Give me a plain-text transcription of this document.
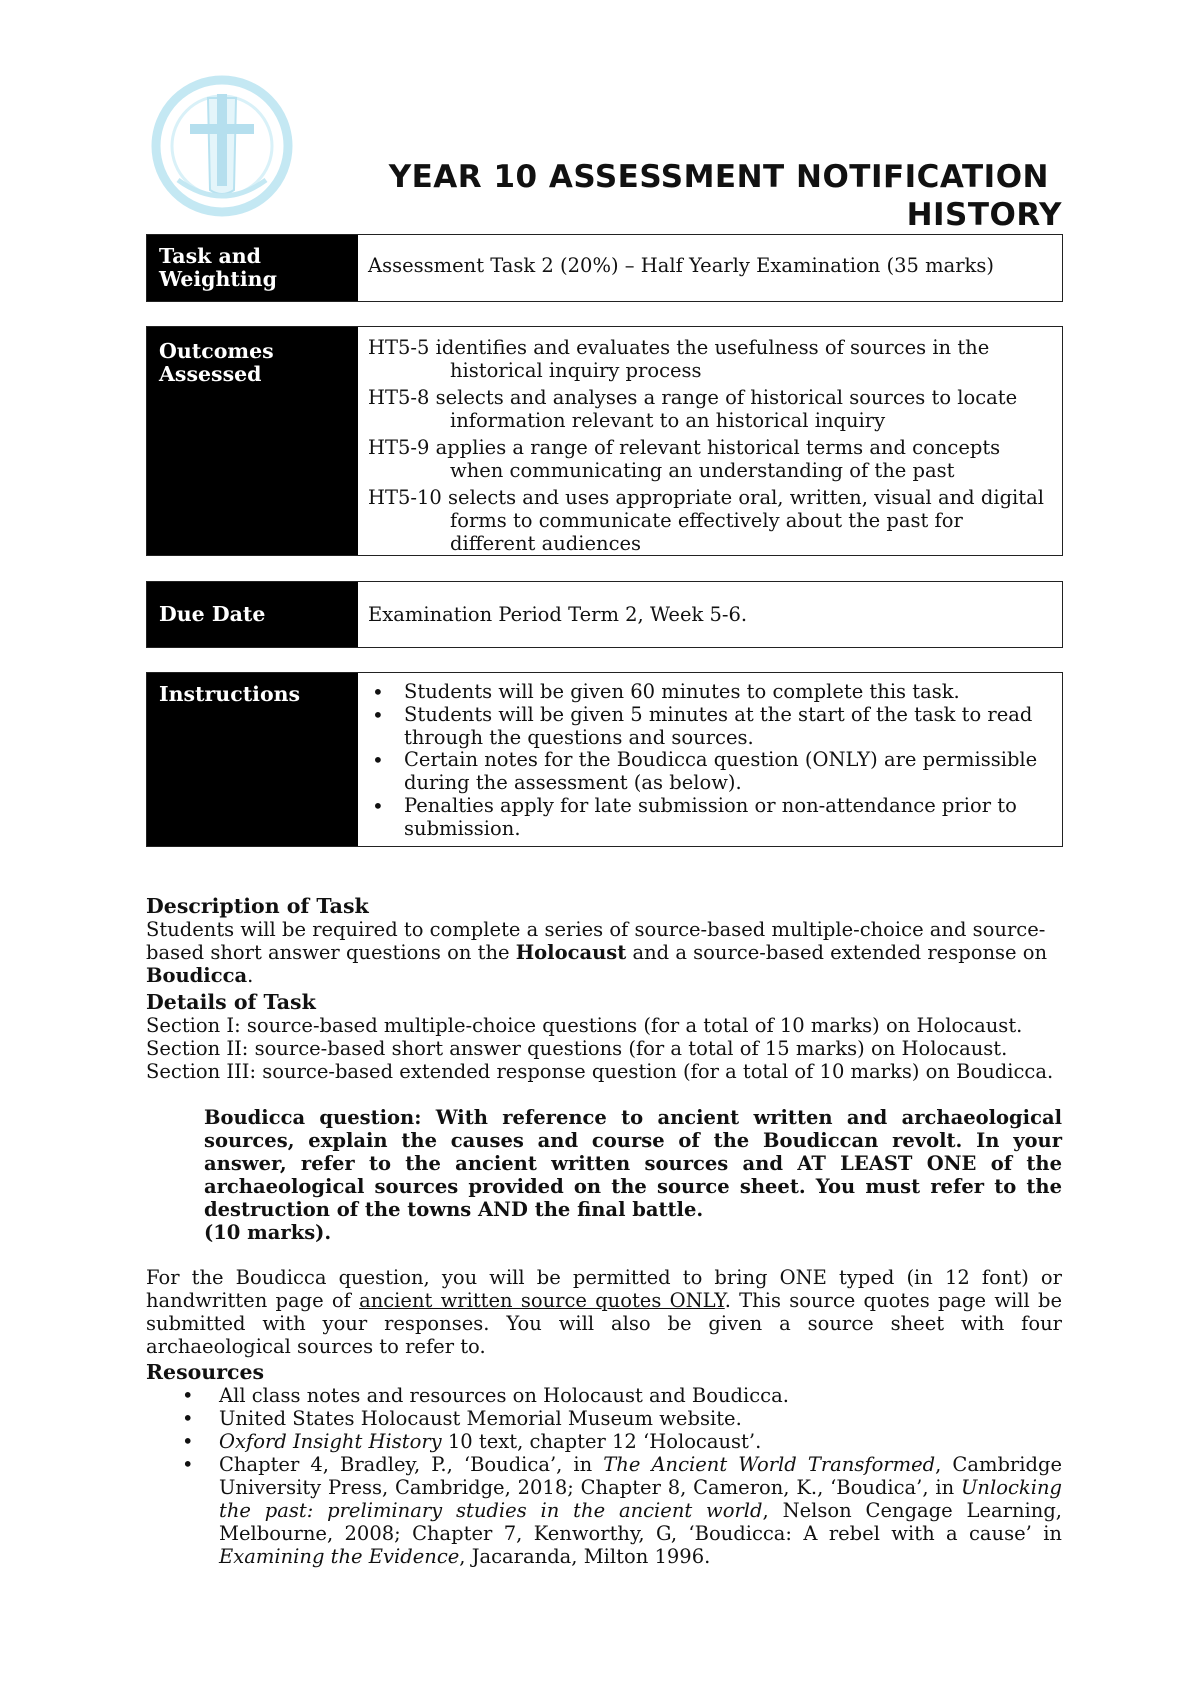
YEAR 10 ASSESSMENT NOTIFICATION
HISTORY
Task and
Weighting
Assessment Task 2 (20%) – Half Yearly Examination (35 marks)
Outcomes
Assessed
HT5-5 identifies and evaluates the usefulness of sources in the historical inquiry process
HT5-8 selects and analyses a range of historical sources to locate information relevant to an historical inquiry
HT5-9 applies a range of relevant historical terms and concepts when communicating an understanding of the past
HT5-10 selects and uses appropriate oral, written, visual and digital forms to communicate effectively about the past for different audiences
Due Date	Examination Period Term 2, Week 5-6.
Instructions
•	Students will be given 60 minutes to complete this task.
• Students will be given 5 minutes at the start of the task to read through the questions and sources.
• Certain notes for the Boudicca question (ONLY) are permissible during the assessment (as below).
• Penalties apply for late submission or non-attendance prior to submission.
Description of Task
Students will be required to complete a series of source-based multiple-choice and source-based short answer questions on the Holocaust and a source-based extended response on Boudicca.
Details of Task
Section I: source-based multiple-choice questions (for a total of 10 marks) on Holocaust.
Section II: source-based short answer questions (for a total of 15 marks) on Holocaust.
Section III: source-based extended response question (for a total of 10 marks) on Boudicca.
Boudicca question: With reference to ancient written and archaeological sources, explain the causes and course of the Boudiccan revolt. In your answer, refer to the ancient written sources and AT LEAST ONE of the archaeological sources provided on the source sheet. You must refer to the destruction of the towns AND the final battle.
(10 marks).
For the Boudicca question, you will be permitted to bring ONE typed (in 12 font) or handwritten page of ancient written source quotes ONLY. This source quotes page will be submitted with your responses. You will also be given a source sheet with four archaeological sources to refer to.
Resources
• All class notes and resources on Holocaust and Boudicca.
• United States Holocaust Memorial Museum website.
• Oxford Insight History 10 text, chapter 12 ‘Holocaust’.
• Chapter 4, Bradley, P., ‘Boudica’, in The Ancient World Transformed, Cambridge University Press, Cambridge, 2018; Chapter 8, Cameron, K., ‘Boudica’, in Unlocking the past: preliminary studies in the ancient world, Nelson Cengage Learning, Melbourne, 2008; Chapter 7, Kenworthy, G, ‘Boudicca: A rebel with a cause’ in Examining the Evidence, Jacaranda, Milton 1996.
